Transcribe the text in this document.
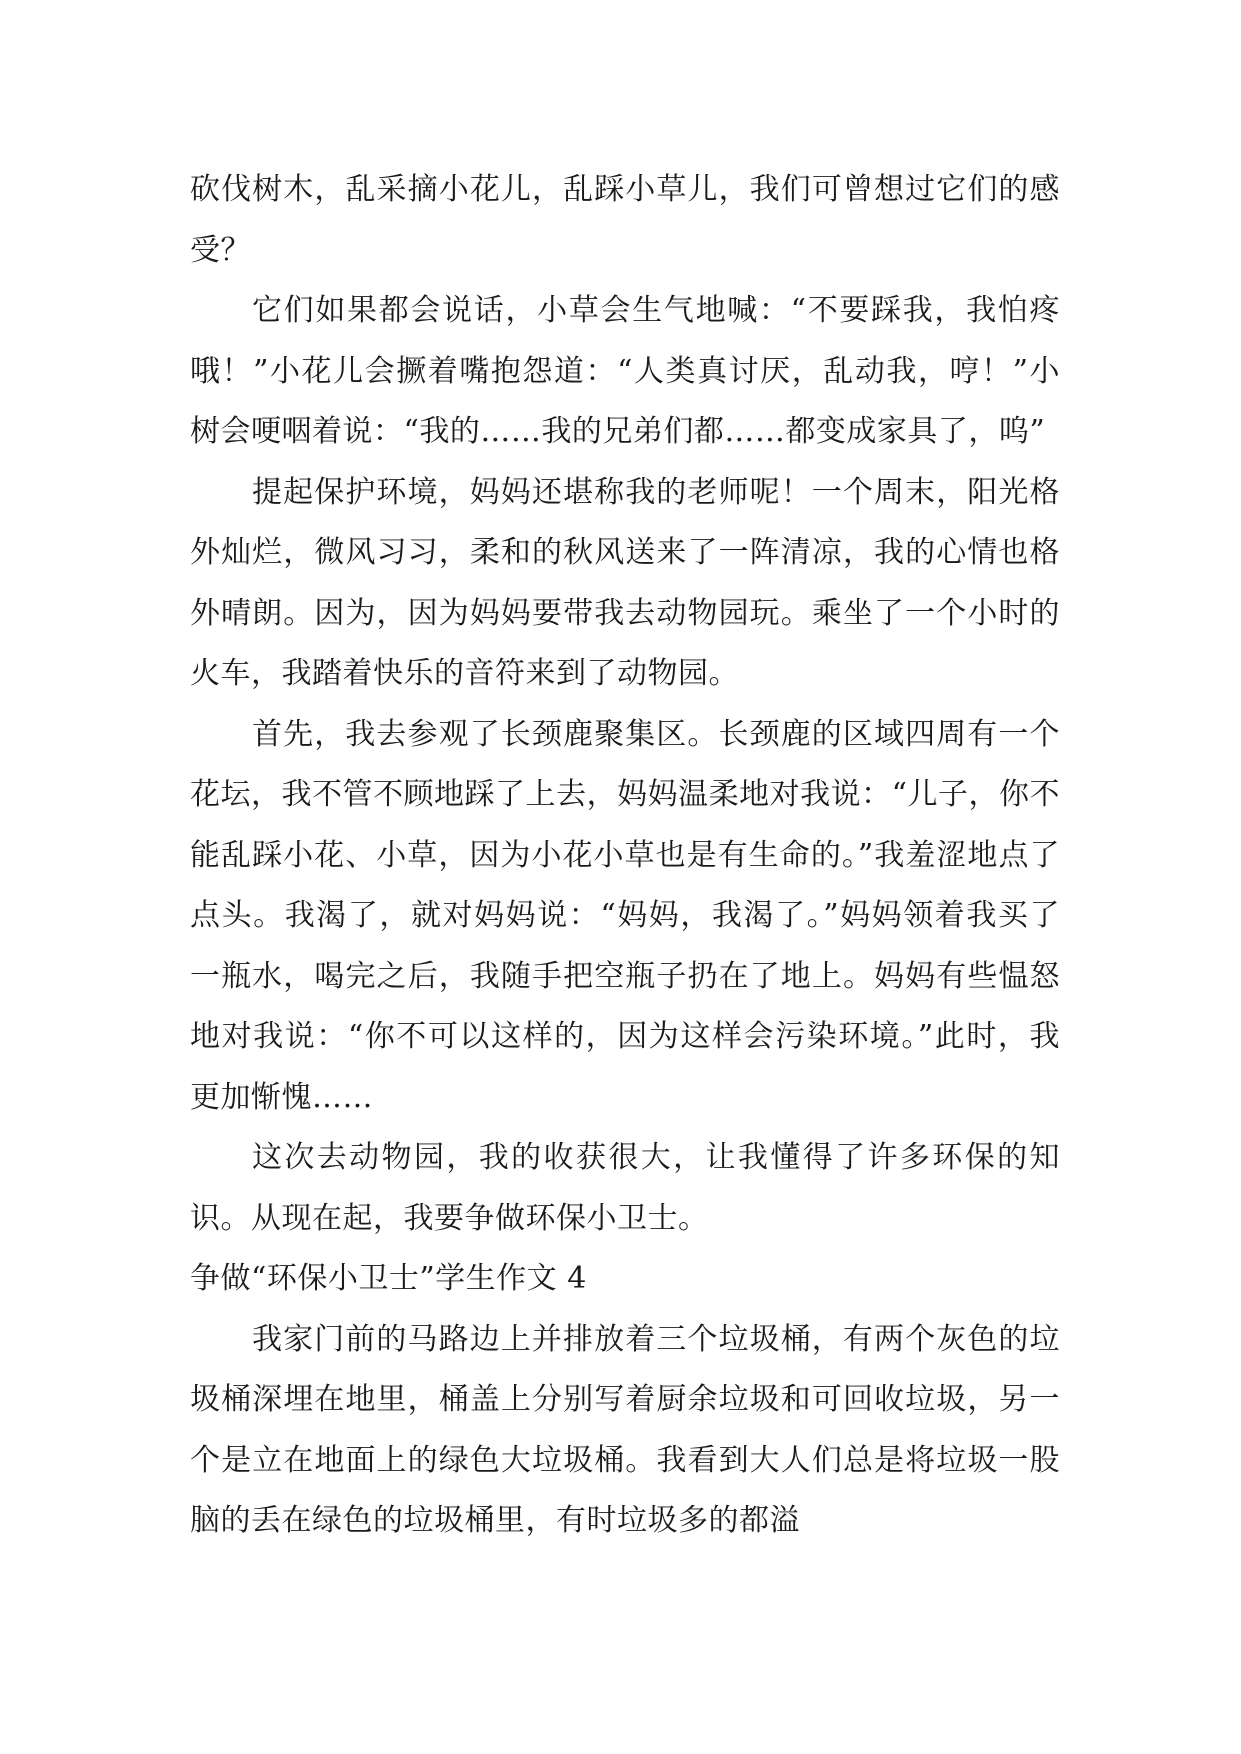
砍伐树木，乱采摘小花儿，乱踩小草儿，我们可曾想过它们的感受？

它们如果都会说话，小草会生气地喊：“不要踩我，我怕疼哦！”小花儿会撅着嘴抱怨道：“人类真讨厌，乱动我，哼！”小树会哽咽着说：“我的……我的兄弟们都……都变成家具了，呜”

提起保护环境，妈妈还堪称我的老师呢！一个周末，阳光格外灿烂，微风习习，柔和的秋风送来了一阵清凉，我的心情也格外晴朗。因为，因为妈妈要带我去动物园玩。乘坐了一个小时的火车，我踏着快乐的音符来到了动物园。

首先，我去参观了长颈鹿聚集区。长颈鹿的区域四周有一个花坛，我不管不顾地踩了上去，妈妈温柔地对我说：“儿子，你不能乱踩小花、小草，因为小花小草也是有生命的。”我羞涩地点了点头。我渴了，就对妈妈说：“妈妈，我渴了。”妈妈领着我买了一瓶水，喝完之后，我随手把空瓶子扔在了地上。妈妈有些愠怒地对我说：“你不可以这样的，因为这样会污染环境。”此时，我更加惭愧……

这次去动物园，我的收获很大，让我懂得了许多环保的知识。从现在起，我要争做环保小卫士。

争做“环保小卫士”学生作文 4

我家门前的马路边上并排放着三个垃圾桶，有两个灰色的垃圾桶深埋在地里，桶盖上分别写着厨余垃圾和可回收垃圾，另一个是立在地面上的绿色大垃圾桶。我看到大人们总是将垃圾一股脑的丢在绿色的垃圾桶里，有时垃圾多的都溢
